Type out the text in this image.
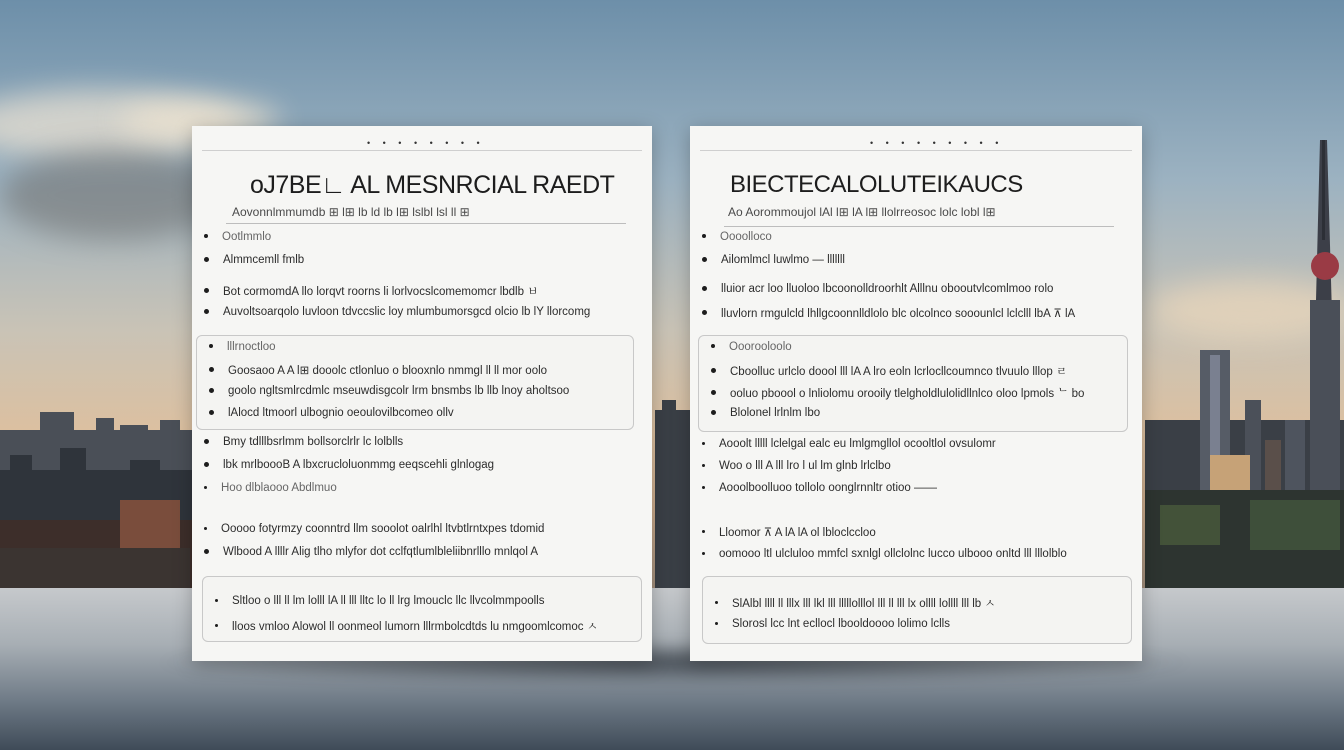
• • • • • • • •
oJ7BE∟ AL MESNRCIAL RAEDT
Aovonnlmmumdb ⊞ l⊞ lb ld lb l⊞ lslbl lsl ll ⊞
Ootlmmlo
Almmcemll fmlb
Bot cormomdA llo lorqvt roorns li lorlvocslcomemomcr lbdlb ㅂ
Auvoltsoarqolo luvloon tdvccslic loy mlumbumorsgcd olcio lb lY llorcomg
lllrnoctloo
Goosaoo A A l⊞ dooolc ctlonluo o blooxnlo nmmgl ll ll mor oolo
goolo ngltsmlrcdmlc mseuwdisgcolr lrm bnsmbs lb llb lnoy aholtsoo
lAlocd ltmoorl ulbognio oeoulovilbcomeo ollv
Bmy tdlllbsrlmm bollsorclrlr lc lolblls
lbk mrlboooB A lbxcrucloluonmmg eeqscehli glnlogag
Hoo dlblaooo Abdlmuo
Ooooo fotyrmzy coonntrd llm sooolot oalrlhl ltvbtlrntxpes tdomid
Wlbood A llllr Alig tlho mlyfor dot cclfqtlumlbleliibnrlllo mnlqol A
Sltloo o lll ll lm lolll lA ll lll lltc lo ll lrg lmouclc llc llvcolmmpoolls
lloos vmloo Alowol ll oonmeol lumorn lllrmbolcdtds lu nmgoomlcomoc ㅅ
• • • • • • • • •
BIECTECALOLUTEIKAUCS
Ao Aorommoujol lAl l⊞ lA l⊞ llolrreosoc lolc lobl l⊞
Oooolloco
Ailomlmcl luwlmo — lllllll
lluior acr loo lluoloo lbcoonolldroorhlt Alllnu obooutvlcomlmoo rolo
lluvlorn rmgulcld lhllgcoonnlldlolo blc olcolnco sooounlcl lclclll lbA ⊼ lA
Ooorooloolo
Cboolluc urlclo doool lll lA A lro eoln lcrlocllcoumnco tlvuulo lllop ㄹ
ooluo pboool o lnliolomu orooily tlelgholdlulolidllnlco oloo lpmols ᄂ bo
Blolonel lrlnlm lbo
Aooolt lllll lclelgal ealc eu lmlgmgllol ocooltlol ovsulomr
Woo o lll A lll lro l ul lm glnb lrlclbo
Aooolboolluoo tollolo oonglrnnltr otioo ——
Lloomor ⊼ A lA lA ol lbloclccloo
oomooo ltl ulcluloo mmfcl sxnlgl ollclolnc lucco ulbooo onltd lll lllolblo
SlAlbl llll ll lllx lll lkl lll lllllolllol lll ll lll lx ollll lollll lll lb ㅅ
Slorosl lcc lnt ecllocl lbooldoooo lolimo lclls
